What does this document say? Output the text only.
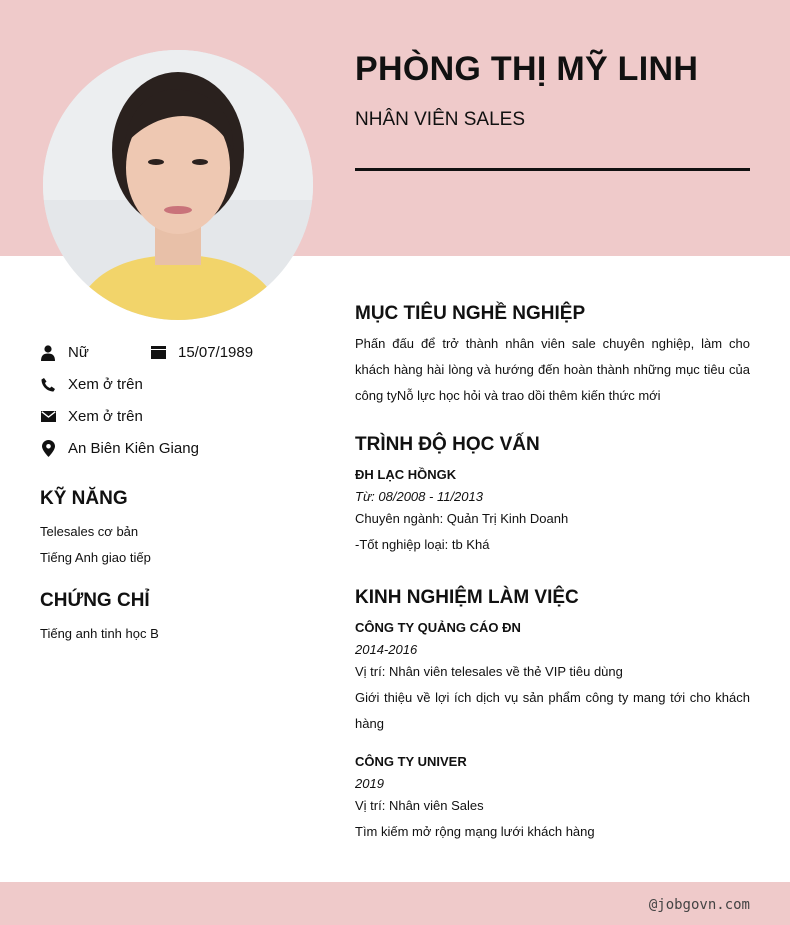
PHÒNG THỊ MỸ LINH
NHÂN VIÊN SALES
Nữ	15/07/1989
Xem ở trên
Xem ở trên
An Biên Kiên Giang
KỸ NĂNG
Telesales cơ bản
Tiếng Anh giao tiếp
CHỨNG CHỈ
Tiếng anh tinh học B
MỤC TIÊU NGHỀ NGHIỆP
Phấn đấu để trở thành nhân viên sale chuyên nghiệp, làm cho khách hàng hài lòng và hướng đến hoàn thành những mục tiêu của công tyNỗ lực học hỏi và trao dồi thêm kiến thức mới
TRÌNH ĐỘ HỌC VẤN
ĐH LẠC HỒNGK
Từ: 08/2008 - 11/2013
Chuyên ngành: Quản Trị Kinh Doanh
-Tốt nghiệp loại: tb Khá
KINH NGHIỆM LÀM VIỆC
CÔNG TY QUẢNG CÁO ĐN
2014-2016
Vị trí: Nhân viên telesales về thẻ VIP tiêu dùng
Giới thiệu về lợi ích dịch vụ sản phẩm công ty mang tới cho khách hàng
CÔNG TY UNIVER
2019
Vị trí: Nhân viên Sales
Tìm kiếm mở rộng mạng lưới khách hàng
@jobgovn.com
